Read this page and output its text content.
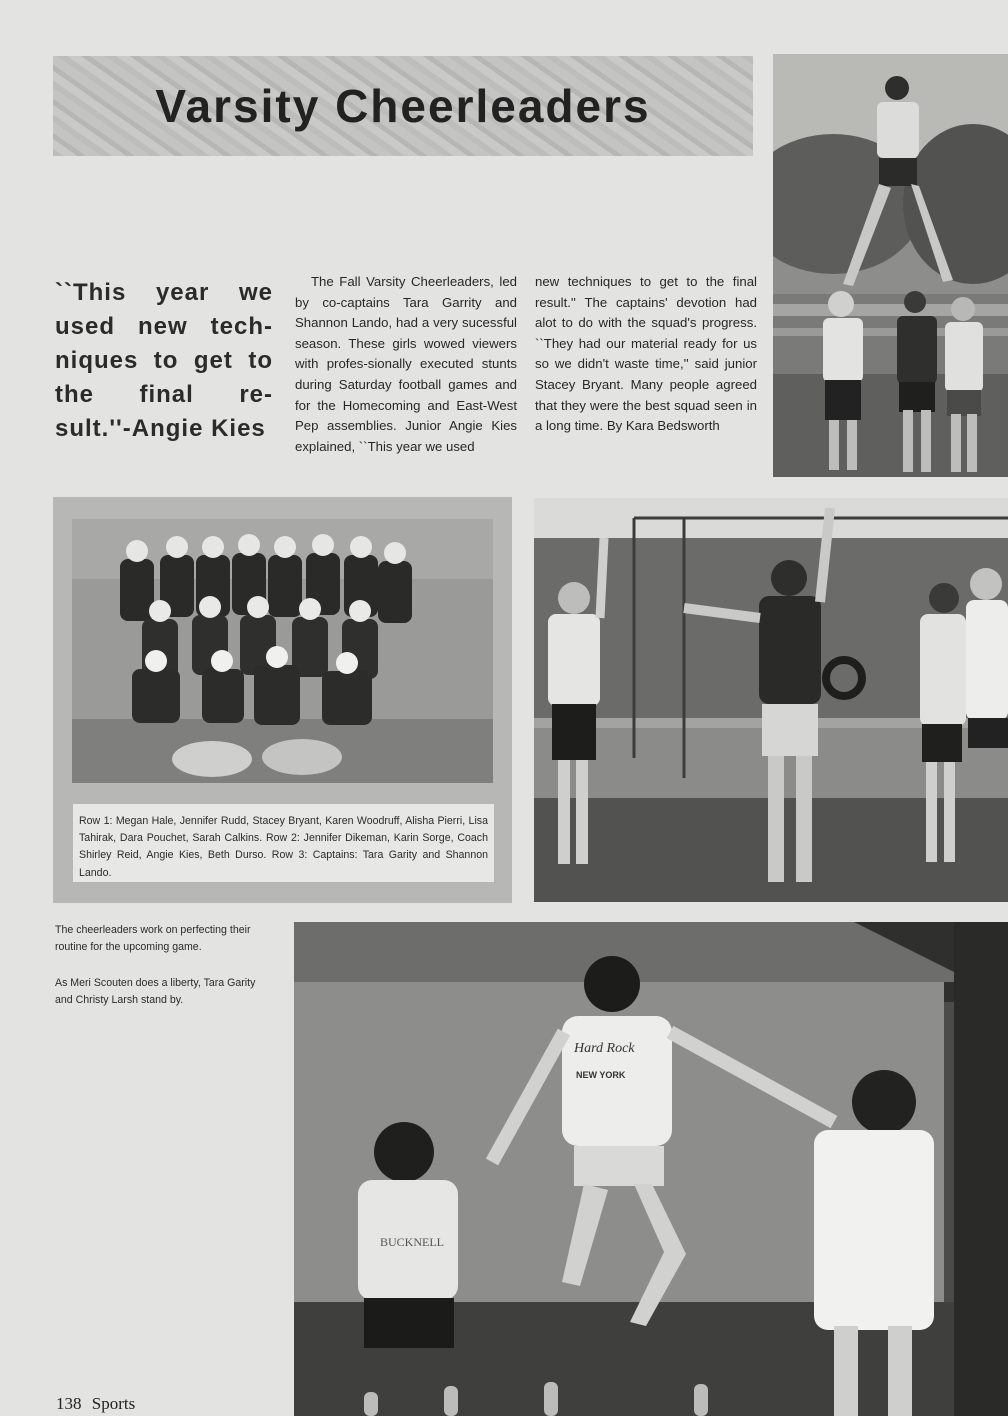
Varsity Cheerleaders
``This year we used new tech-niques to get to the final re-sult.''-Angie Kies
The Fall Varsity Cheerleaders, led by co-captains Tara Garrity and Shannon Lando, had a very sucessful season. These girls wowed viewers with profes-sionally executed stunts during Saturday football games and for the Homecoming and East-West Pep assemblies. Junior Angie Kies explained, ``This year we used
new techniques to get to the final result.'' The captains' devotion had alot to do with the squad's progress. ``They had our material ready for us so we didn't waste time,'' said junior Stacey Bryant. Many people agreed that they were the best squad seen in a long time. By Kara Bedsworth
Row 1: Megan Hale, Jennifer Rudd, Stacey Bryant, Karen Woodruff, Alisha Pierri, Lisa Tahirak, Dara Pouchet, Sarah Calkins. Row 2: Jennifer Dikeman, Karin Sorge, Coach Shirley Reid, Angie Kies, Beth Durso. Row 3: Captains: Tara Garity and Shannon Lando.
The cheerleaders work on perfecting their routine for the upcoming game.
As Meri Scouten does a liberty, Tara Garity and Christy Larsh stand by.
BUCKNELL
Hard Rock
NEW YORK
138 Sports
